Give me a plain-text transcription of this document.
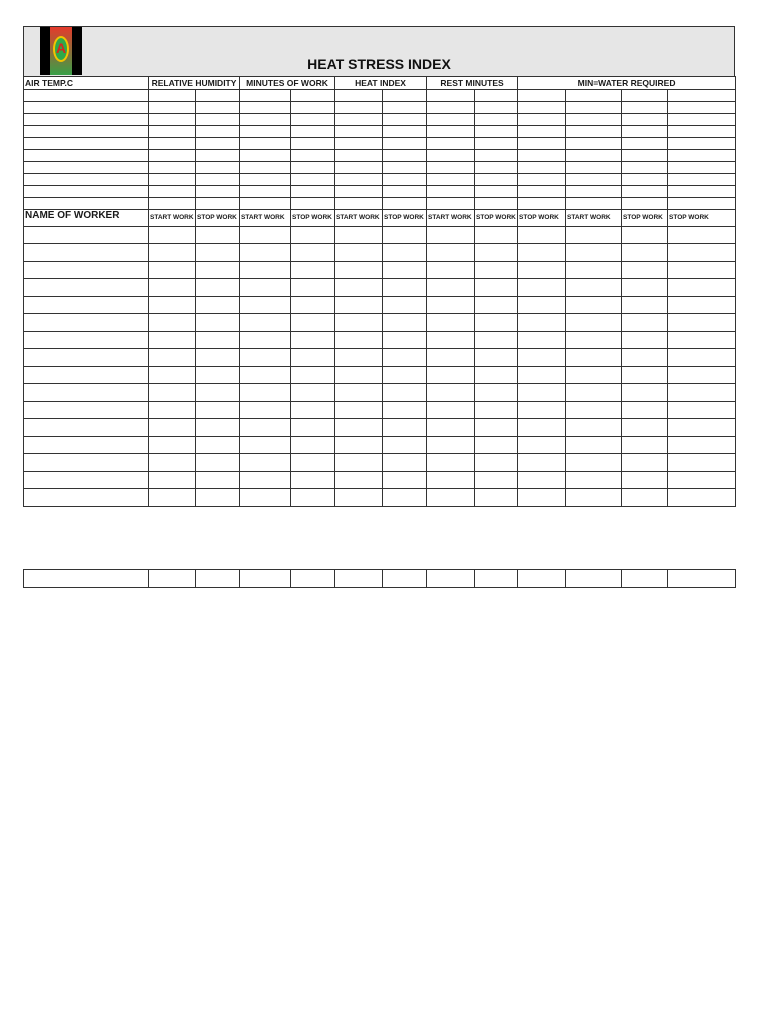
A
HEAT STRESS INDEX
AIR TEMP.C	RELATIVE HUMIDITY		MINUTES OF WORK		HEAT INDEX		REST MINUTES		MIN=WATER REQUIRED			

NAME OF WORKER	START WORK	STOP WORK	START WORK	STOP WORK	START WORK	STOP WORK	START WORK	STOP WORK	STOP WORK	START WORK	STOP WORK	STOP WORK
